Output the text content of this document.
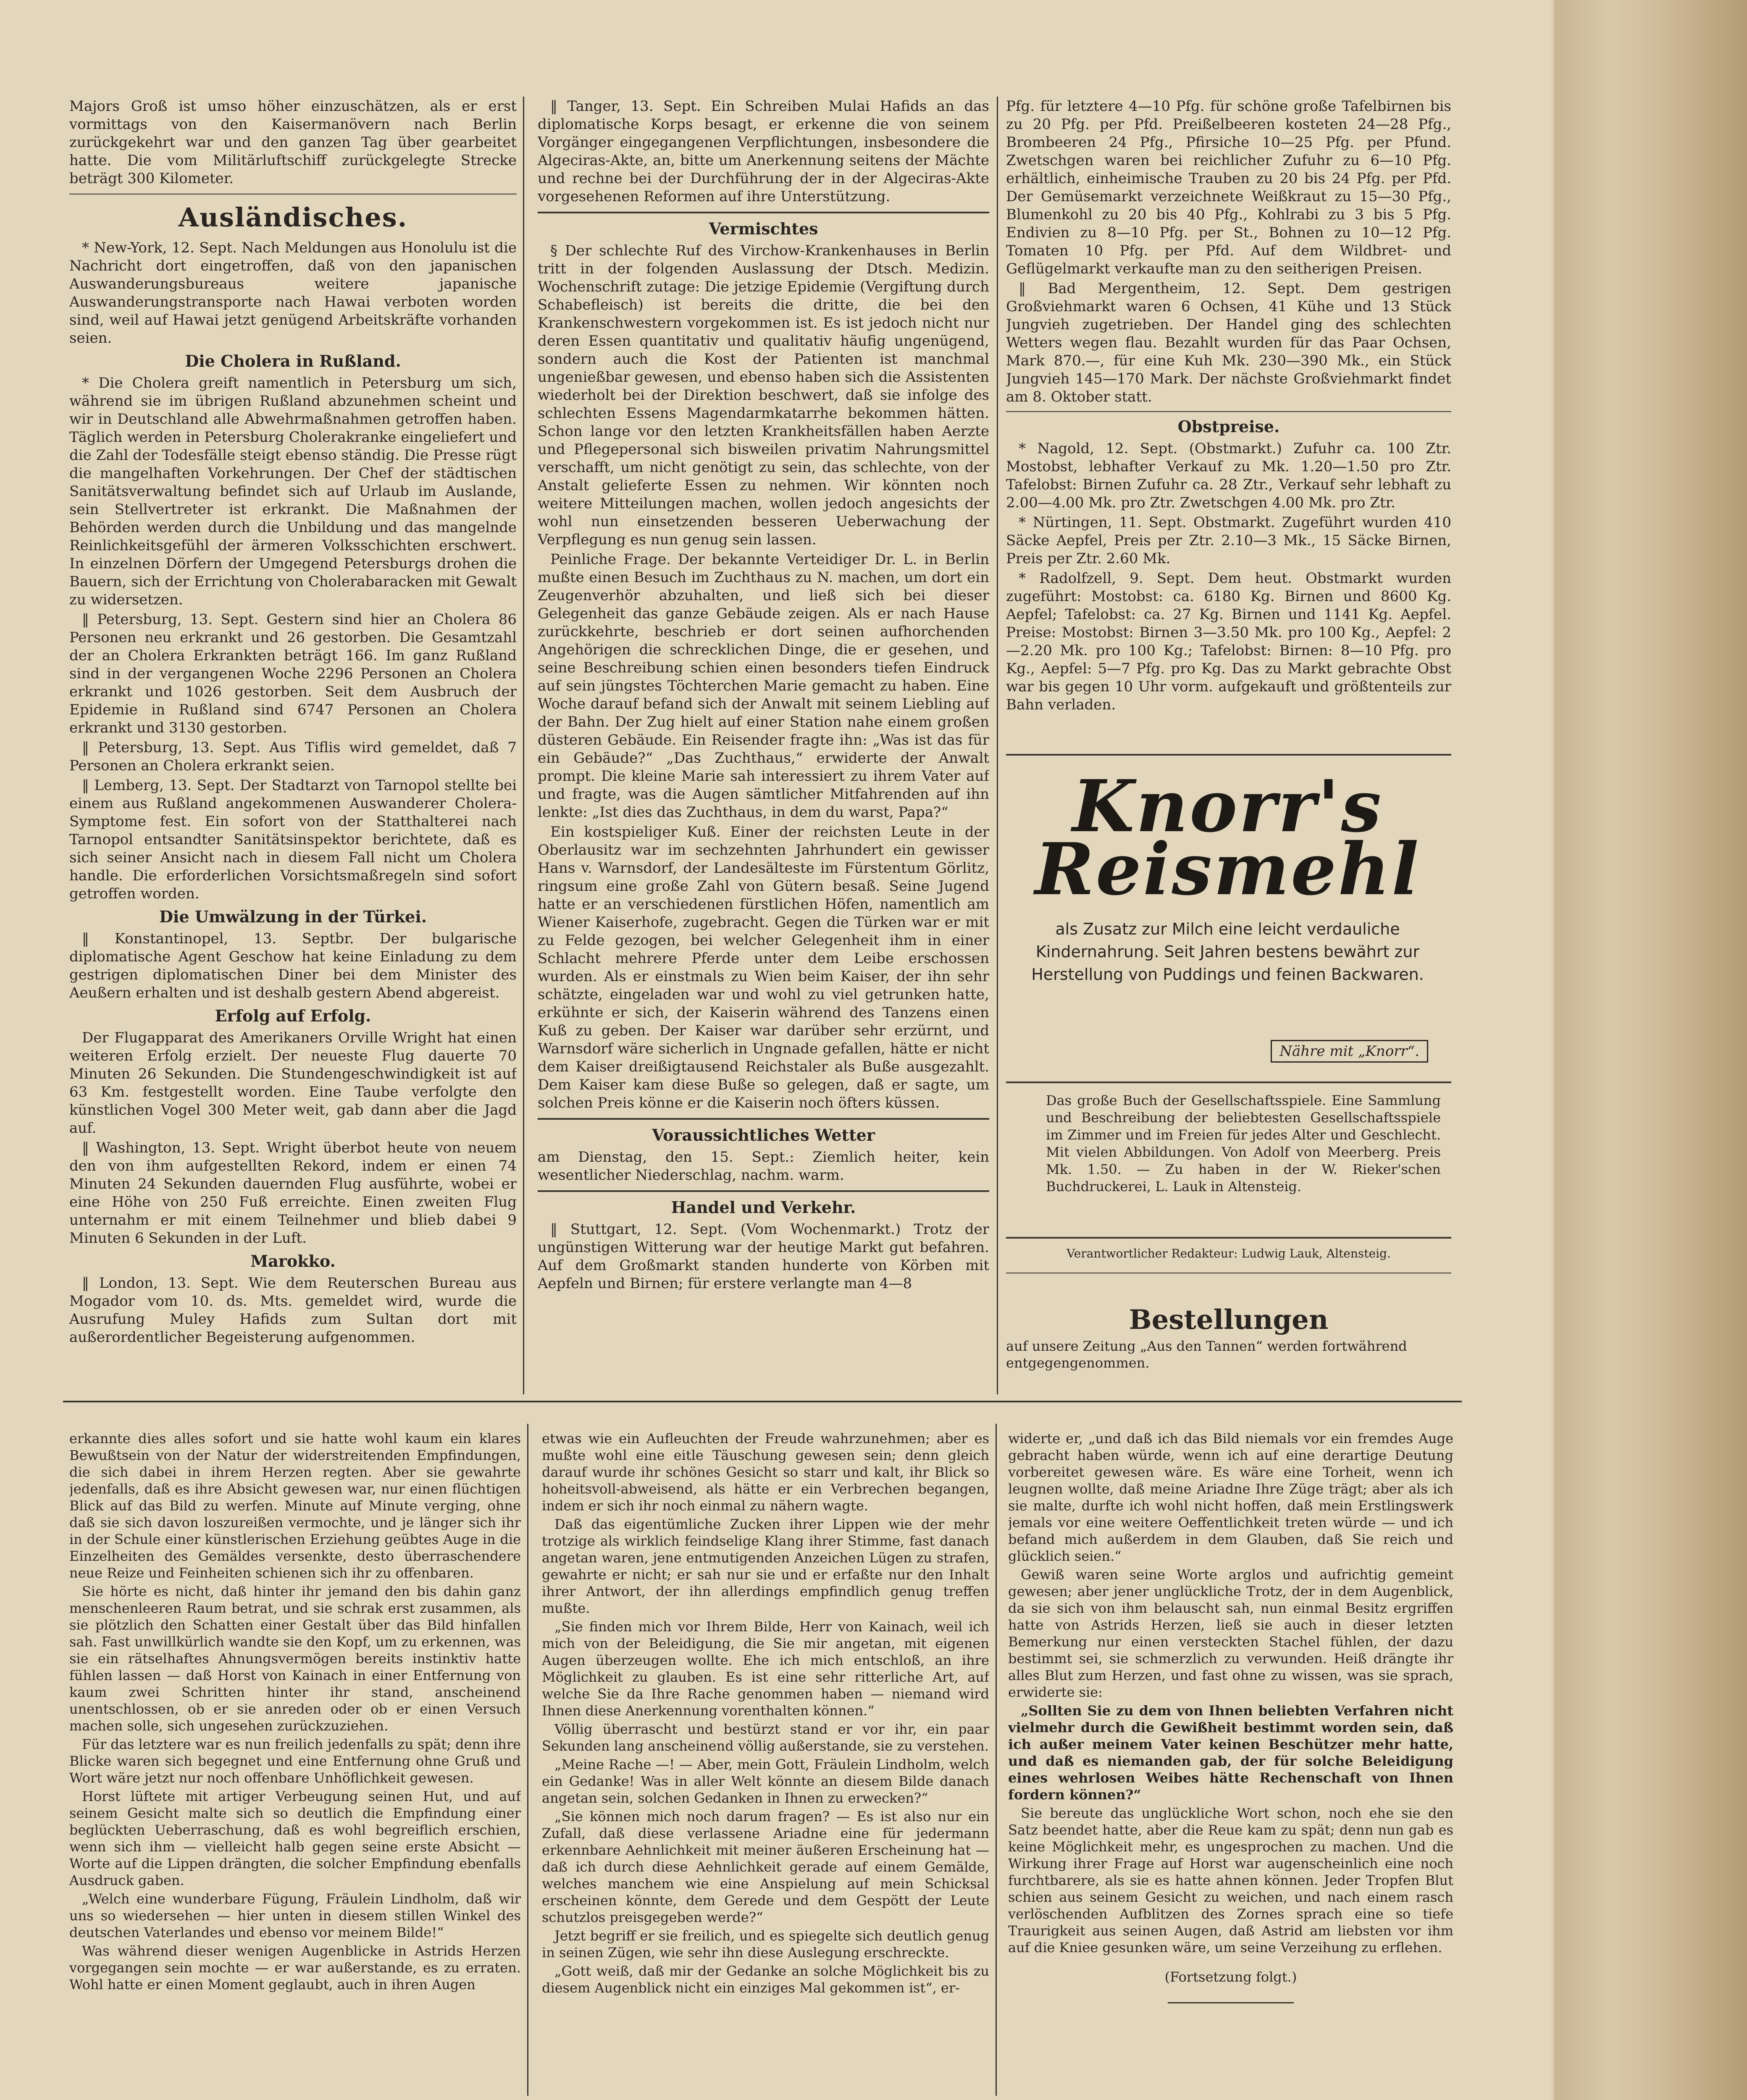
Majors Groß ist umso höher einzuschätzen, als er erst vormittags von den Kaisermanövern nach Berlin zurückgekehrt war und den ganzen Tag über gearbeitet hatte. Die vom Militärluftschiff zurückgelegte Strecke beträgt 300 Kilometer.

Ausländisches.

* New-York, 12. Sept. Nach Meldungen aus Honolulu ist die Nachricht dort eingetroffen, daß von den japanischen Auswanderungsbureaus weitere japanische Auswanderungstransporte nach Hawai verboten worden sind, weil auf Hawai jetzt genügend Arbeitskräfte vorhanden seien.

Die Cholera in Rußland.

* Die Cholera greift namentlich in Petersburg um sich, während sie im übrigen Rußland abzunehmen scheint und wir in Deutschland alle Abwehrmaßnahmen getroffen haben. Täglich werden in Petersburg Cholerakranke eingeliefert und die Zahl der Todesfälle steigt ebenso ständig. Die Presse rügt die mangelhaften Vorkehrungen. Der Chef der städtischen Sanitätsverwaltung befindet sich auf Urlaub im Auslande, sein Stellvertreter ist erkrankt. Die Maßnahmen der Behörden werden durch die Unbildung und das mangelnde Reinlichkeitsgefühl der ärmeren Volksschichten erschwert. In einzelnen Dörfern der Umgegend Petersburgs drohen die Bauern, sich der Errichtung von Cholerabaracken mit Gewalt zu widersetzen.

‖ Petersburg, 13. Sept. Gestern sind hier an Cholera 86 Personen neu erkrankt und 26 gestorben. Die Gesamtzahl der an Cholera Erkrankten beträgt 166. Im ganz Rußland sind in der vergangenen Woche 2296 Personen an Cholera erkrankt und 1026 gestorben. Seit dem Ausbruch der Epidemie in Rußland sind 6747 Personen an Cholera erkrankt und 3130 gestorben.

‖ Petersburg, 13. Sept. Aus Tiflis wird gemeldet, daß 7 Personen an Cholera erkrankt seien.

‖ Lemberg, 13. Sept. Der Stadtarzt von Tarnopol stellte bei einem aus Rußland angekommenen Auswanderer Cholera-Symptome fest. Ein sofort von der Statthalterei nach Tarnopol entsandter Sanitätsinspektor berichtete, daß es sich seiner Ansicht nach in diesem Fall nicht um Cholera handle. Die erforderlichen Vorsichtsmaßregeln sind sofort getroffen worden.

Die Umwälzung in der Türkei.

‖ Konstantinopel, 13. Septbr. Der bulgarische diplomatische Agent Geschow hat keine Einladung zu dem gestrigen diplomatischen Diner bei dem Minister des Aeußern erhalten und ist deshalb gestern Abend abgereist.

Erfolg auf Erfolg.

Der Flugapparat des Amerikaners Orville Wright hat einen weiteren Erfolg erzielt. Der neueste Flug dauerte 70 Minuten 26 Sekunden. Die Stundengeschwindigkeit ist auf 63 Km. festgestellt worden. Eine Taube verfolgte den künstlichen Vogel 300 Meter weit, gab dann aber die Jagd auf.

‖ Washington, 13. Sept. Wright überbot heute von neuem den von ihm aufgestellten Rekord, indem er einen 74 Minuten 24 Sekunden dauernden Flug ausführte, wobei er eine Höhe von 250 Fuß erreichte. Einen zweiten Flug unternahm er mit einem Teilnehmer und blieb dabei 9 Minuten 6 Sekunden in der Luft.

Marokko.

‖ London, 13. Sept. Wie dem Reuterschen Bureau aus Mogador vom 10. ds. Mts. gemeldet wird, wurde die Ausrufung Muley Hafids zum Sultan dort mit außerordentlicher Begeisterung aufgenommen.

‖ Tanger, 13. Sept. Ein Schreiben Mulai Hafids an das diplomatische Korps besagt, er erkenne die von seinem Vorgänger eingegangenen Verpflichtungen, insbesondere die Algeciras-Akte, an, bitte um Anerkennung seitens der Mächte und rechne bei der Durchführung der in der Algeciras-Akte vorgesehenen Reformen auf ihre Unterstützung.

Vermischtes

§ Der schlechte Ruf des Virchow-Krankenhauses in Berlin tritt in der folgenden Auslassung der Dtsch. Medizin. Wochenschrift zutage: Die jetzige Epidemie (Vergiftung durch Schabefleisch) ist bereits die dritte, die bei den Krankenschwestern vorgekommen ist. Es ist jedoch nicht nur deren Essen quantitativ und qualitativ häufig ungenügend, sondern auch die Kost der Patienten ist manchmal ungenießbar gewesen, und ebenso haben sich die Assistenten wiederholt bei der Direktion beschwert, daß sie infolge des schlechten Essens Magendarmkatarrhe bekommen hätten. Schon lange vor den letzten Krankheitsfällen haben Aerzte und Pflegepersonal sich bisweilen privatim Nahrungsmittel verschafft, um nicht genötigt zu sein, das schlechte, von der Anstalt gelieferte Essen zu nehmen. Wir könnten noch weitere Mitteilungen machen, wollen jedoch angesichts der wohl nun einsetzenden besseren Ueberwachung der Verpflegung es nun genug sein lassen.

Peinliche Frage. Der bekannte Verteidiger Dr. L. in Berlin mußte einen Besuch im Zuchthaus zu N. machen, um dort ein Zeugenverhör abzuhalten, und ließ sich bei dieser Gelegenheit das ganze Gebäude zeigen. Als er nach Hause zurückkehrte, beschrieb er dort seinen aufhorchenden Angehörigen die schrecklichen Dinge, die er gesehen, und seine Beschreibung schien einen besonders tiefen Eindruck auf sein jüngstes Töchterchen Marie gemacht zu haben. Eine Woche darauf befand sich der Anwalt mit seinem Liebling auf der Bahn. Der Zug hielt auf einer Station nahe einem großen düsteren Gebäude. Ein Reisender fragte ihn: „Was ist das für ein Gebäude?“ „Das Zuchthaus,“ erwiderte der Anwalt prompt. Die kleine Marie sah interessiert zu ihrem Vater auf und fragte, was die Augen sämtlicher Mitfahrenden auf ihn lenkte: „Ist dies das Zuchthaus, in dem du warst, Papa?“

Ein kostspieliger Kuß. Einer der reichsten Leute in der Oberlausitz war im sechzehnten Jahrhundert ein gewisser Hans v. Warnsdorf, der Landesälteste im Fürstentum Görlitz, ringsum eine große Zahl von Gütern besaß. Seine Jugend hatte er an verschiedenen fürstlichen Höfen, namentlich am Wiener Kaiserhofe, zugebracht. Gegen die Türken war er mit zu Felde gezogen, bei welcher Gelegenheit ihm in einer Schlacht mehrere Pferde unter dem Leibe erschossen wurden. Als er einstmals zu Wien beim Kaiser, der ihn sehr schätzte, eingeladen war und wohl zu viel getrunken hatte, erkühnte er sich, der Kaiserin während des Tanzens einen Kuß zu geben. Der Kaiser war darüber sehr erzürnt, und Warnsdorf wäre sicherlich in Ungnade gefallen, hätte er nicht dem Kaiser dreißigtausend Reichstaler als Buße ausgezahlt. Dem Kaiser kam diese Buße so gelegen, daß er sagte, um solchen Preis könne er die Kaiserin noch öfters küssen.

Voraussichtliches Wetter

am Dienstag, den 15. Sept.: Ziemlich heiter, kein wesentlicher Niederschlag, nachm. warm.

Handel und Verkehr.

‖ Stuttgart, 12. Sept. (Vom Wochenmarkt.) Trotz der ungünstigen Witterung war der heutige Markt gut befahren. Auf dem Großmarkt standen hunderte von Körben mit Aepfeln und Birnen; für erstere verlangte man 4—8

Pfg. für letztere 4—10 Pfg. für schöne große Tafelbirnen bis zu 20 Pfg. per Pfd. Preißelbeeren kosteten 24—28 Pfg., Brombeeren 24 Pfg., Pfirsiche 10—25 Pfg. per Pfund. Zwetschgen waren bei reichlicher Zufuhr zu 6—10 Pfg. erhältlich, einheimische Trauben zu 20 bis 24 Pfg. per Pfd. Der Gemüsemarkt verzeichnete Weißkraut zu 15—30 Pfg., Blumenkohl zu 20 bis 40 Pfg., Kohlrabi zu 3 bis 5 Pfg. Endivien zu 8—10 Pfg. per St., Bohnen zu 10—12 Pfg. Tomaten 10 Pfg. per Pfd. Auf dem Wildbret- und Geflügelmarkt verkaufte man zu den seitherigen Preisen.

‖ Bad Mergentheim, 12. Sept. Dem gestrigen Großviehmarkt waren 6 Ochsen, 41 Kühe und 13 Stück Jungvieh zugetrieben. Der Handel ging des schlechten Wetters wegen flau. Bezahlt wurden für das Paar Ochsen, Mark 870.—, für eine Kuh Mk. 230—390 Mk., ein Stück Jungvieh 145—170 Mark. Der nächste Großviehmarkt findet am 8. Oktober statt.

Obstpreise.

* Nagold, 12. Sept. (Obstmarkt.) Zufuhr ca. 100 Ztr. Mostobst, lebhafter Verkauf zu Mk. 1.20—1.50 pro Ztr. Tafelobst: Birnen Zufuhr ca. 28 Ztr., Verkauf sehr lebhaft zu 2.00—4.00 Mk. pro Ztr. Zwetschgen 4.00 Mk. pro Ztr.

* Nürtingen, 11. Sept. Obstmarkt. Zugeführt wurden 410 Säcke Aepfel, Preis per Ztr. 2.10—3 Mk., 15 Säcke Birnen, Preis per Ztr. 2.60 Mk.

* Radolfzell, 9. Sept. Dem heut. Obstmarkt wurden zugeführt: Mostobst: ca. 6180 Kg. Birnen und 8600 Kg. Aepfel; Tafelobst: ca. 27 Kg. Birnen und 1141 Kg. Aepfel. Preise: Mostobst: Birnen 3—3.50 Mk. pro 100 Kg., Aepfel: 2—2.20 Mk. pro 100 Kg.; Tafelobst: Birnen: 8—10 Pfg. pro Kg., Aepfel: 5—7 Pfg. pro Kg. Das zu Markt gebrachte Obst war bis gegen 10 Uhr vorm. aufgekauft und größtenteils zur Bahn verladen.

Knorr's
Reismehl
als Zusatz zur Milch eine leicht verdauliche Kindernahrung. Seit Jahren bestens bewährt zur Herstellung von Puddings und feinen Backwaren.
Nähre mit „Knorr“.
Das große Buch der Gesellschaftsspiele. Eine Sammlung und Beschreibung der beliebtesten Gesellschaftsspiele im Zimmer und im Freien für jedes Alter und Geschlecht. Mit vielen Abbildungen. Von Adolf von Meerberg. Preis Mk. 1.50. — Zu haben in der W. Rieker'schen Buchdruckerei, L. Lauk in Altensteig.
Verantwortlicher Redakteur: Ludwig Lauk, Altensteig.
Bestellungen
auf unsere Zeitung „Aus den Tannen“ werden fortwährend entgegengenommen.

erkannte dies alles sofort und sie hatte wohl kaum ein klares Bewußtsein von der Natur der widerstreitenden Empfindungen, die sich dabei in ihrem Herzen regten. Aber sie gewahrte jedenfalls, daß es ihre Absicht gewesen war, nur einen flüchtigen Blick auf das Bild zu werfen. Minute auf Minute verging, ohne daß sie sich davon loszureißen vermochte, und je länger sich ihr in der Schule einer künstlerischen Erziehung geübtes Auge in die Einzelheiten des Gemäldes versenkte, desto überraschendere neue Reize und Feinheiten schienen sich ihr zu offenbaren.

Sie hörte es nicht, daß hinter ihr jemand den bis dahin ganz menschenleeren Raum betrat, und sie schrak erst zusammen, als sie plötzlich den Schatten einer Gestalt über das Bild hinfallen sah. Fast unwillkürlich wandte sie den Kopf, um zu erkennen, was sie ein rätselhaftes Ahnungsvermögen bereits instinktiv hatte fühlen lassen — daß Horst von Kainach in einer Entfernung von kaum zwei Schritten hinter ihr stand, anscheinend unentschlossen, ob er sie anreden oder ob er einen Versuch machen solle, sich ungesehen zurückzuziehen.

Für das letztere war es nun freilich jedenfalls zu spät; denn ihre Blicke waren sich begegnet und eine Entfernung ohne Gruß und Wort wäre jetzt nur noch offenbare Unhöflichkeit gewesen.

Horst lüftete mit artiger Verbeugung seinen Hut, und auf seinem Gesicht malte sich so deutlich die Empfindung einer beglückten Ueberraschung, daß es wohl begreiflich erschien, wenn sich ihm — vielleicht halb gegen seine erste Absicht — Worte auf die Lippen drängten, die solcher Empfindung ebenfalls Ausdruck gaben.

„Welch eine wunderbare Fügung, Fräulein Lindholm, daß wir uns so wiedersehen — hier unten in diesem stillen Winkel des deutschen Vaterlandes und ebenso vor meinem Bilde!“

Was während dieser wenigen Augenblicke in Astrids Herzen vorgegangen sein mochte — er war außerstande, es zu erraten. Wohl hatte er einen Moment geglaubt, auch in ihren Augen

etwas wie ein Aufleuchten der Freude wahrzunehmen; aber es mußte wohl eine eitle Täuschung gewesen sein; denn gleich darauf wurde ihr schönes Gesicht so starr und kalt, ihr Blick so hoheitsvoll-abweisend, als hätte er ein Verbrechen begangen, indem er sich ihr noch einmal zu nähern wagte.

Daß das eigentümliche Zucken ihrer Lippen wie der mehr trotzige als wirklich feindselige Klang ihrer Stimme, fast danach angetan waren, jene entmutigenden Anzeichen Lügen zu strafen, gewahrte er nicht; er sah nur sie und er erfaßte nur den Inhalt ihrer Antwort, der ihn allerdings empfindlich genug treffen mußte.

„Sie finden mich vor Ihrem Bilde, Herr von Kainach, weil ich mich von der Beleidigung, die Sie mir angetan, mit eigenen Augen überzeugen wollte. Ehe ich mich entschloß, an ihre Möglichkeit zu glauben. Es ist eine sehr ritterliche Art, auf welche Sie da Ihre Rache genommen haben — niemand wird Ihnen diese Anerkennung vorenthalten können.“

Völlig überrascht und bestürzt stand er vor ihr, ein paar Sekunden lang anscheinend völlig außerstande, sie zu verstehen.

„Meine Rache —! — Aber, mein Gott, Fräulein Lindholm, welch ein Gedanke! Was in aller Welt könnte an diesem Bilde danach angetan sein, solchen Gedanken in Ihnen zu erwecken?“

„Sie können mich noch darum fragen? — Es ist also nur ein Zufall, daß diese verlassene Ariadne eine für jedermann erkennbare Aehnlichkeit mit meiner äußeren Erscheinung hat — daß ich durch diese Aehnlichkeit gerade auf einem Gemälde, welches manchem wie eine Anspielung auf mein Schicksal erscheinen könnte, dem Gerede und dem Gespött der Leute schutzlos preisgegeben werde?“

Jetzt begriff er sie freilich, und es spiegelte sich deutlich genug in seinen Zügen, wie sehr ihn diese Auslegung erschreckte.

„Gott weiß, daß mir der Gedanke an solche Möglichkeit bis zu diesem Augenblick nicht ein einziges Mal gekommen ist“, er-

widerte er, „und daß ich das Bild niemals vor ein fremdes Auge gebracht haben würde, wenn ich auf eine derartige Deutung vorbereitet gewesen wäre. Es wäre eine Torheit, wenn ich leugnen wollte, daß meine Ariadne Ihre Züge trägt; aber als ich sie malte, durfte ich wohl nicht hoffen, daß mein Erstlingswerk jemals vor eine weitere Oeffentlichkeit treten würde — und ich befand mich außerdem in dem Glauben, daß Sie reich und glücklich seien.“

Gewiß waren seine Worte arglos und aufrichtig gemeint gewesen; aber jener unglückliche Trotz, der in dem Augenblick, da sie sich von ihm belauscht sah, nun einmal Besitz ergriffen hatte von Astrids Herzen, ließ sie auch in dieser letzten Bemerkung nur einen versteckten Stachel fühlen, der dazu bestimmt sei, sie schmerzlich zu verwunden. Heiß drängte ihr alles Blut zum Herzen, und fast ohne zu wissen, was sie sprach, erwiderte sie:

„Sollten Sie zu dem von Ihnen beliebten Verfahren nicht vielmehr durch die Gewißheit bestimmt worden sein, daß ich außer meinem Vater keinen Beschützer mehr hatte, und daß es niemanden gab, der für solche Beleidigung eines wehrlosen Weibes hätte Rechenschaft von Ihnen fordern können?“

Sie bereute das unglückliche Wort schon, noch ehe sie den Satz beendet hatte, aber die Reue kam zu spät; denn nun gab es keine Möglichkeit mehr, es ungesprochen zu machen. Und die Wirkung ihrer Frage auf Horst war augenscheinlich eine noch furchtbarere, als sie es hatte ahnen können. Jeder Tropfen Blut schien aus seinem Gesicht zu weichen, und nach einem rasch verlöschenden Aufblitzen des Zornes sprach eine so tiefe Traurigkeit aus seinen Augen, daß Astrid am liebsten vor ihm auf die Kniee gesunken wäre, um seine Verzeihung zu erflehen.

(Fortsetzung folgt.)
